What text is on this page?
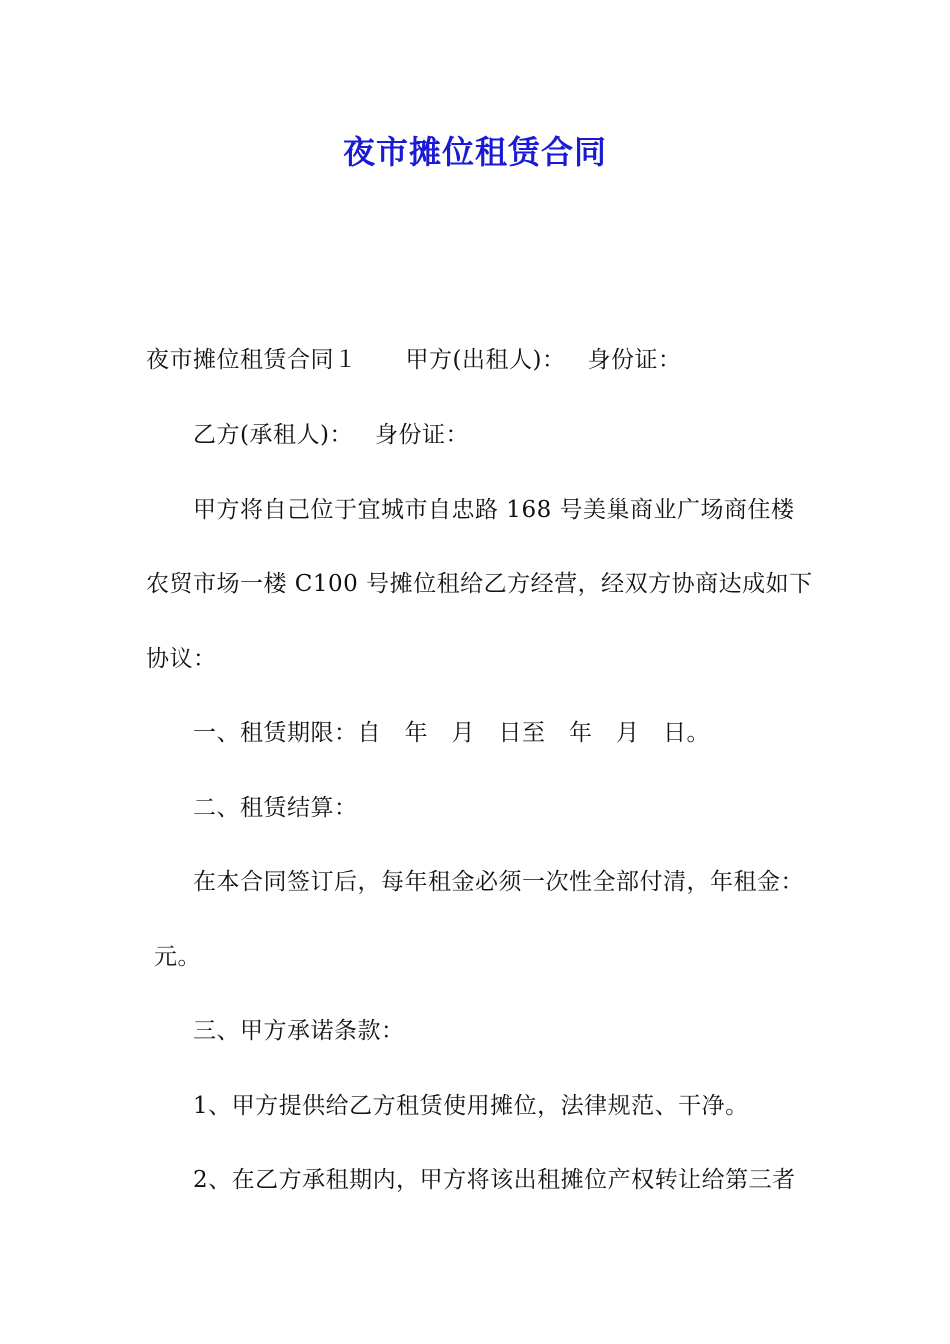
夜市摊位租赁合同
夜市摊位租赁合同１ 甲方(出租人)： 身份证：
乙方(承租人)： 身份证：
甲方将自己位于宜城市自忠路 168 号美巢商业广场商住楼
农贸市场一楼 C100 号摊位租给乙方经营，经双方协商达成如下
协议：
一、租赁期限：自　年　月　日至　年　月　日。
二、租赁结算：
在本合同签订后，每年租金必须一次性全部付清，年租金：
元。
三、甲方承诺条款：
1、甲方提供给乙方租赁使用摊位，法律规范、干净。
2、在乙方承租期内，甲方将该出租摊位产权转让给第三者
